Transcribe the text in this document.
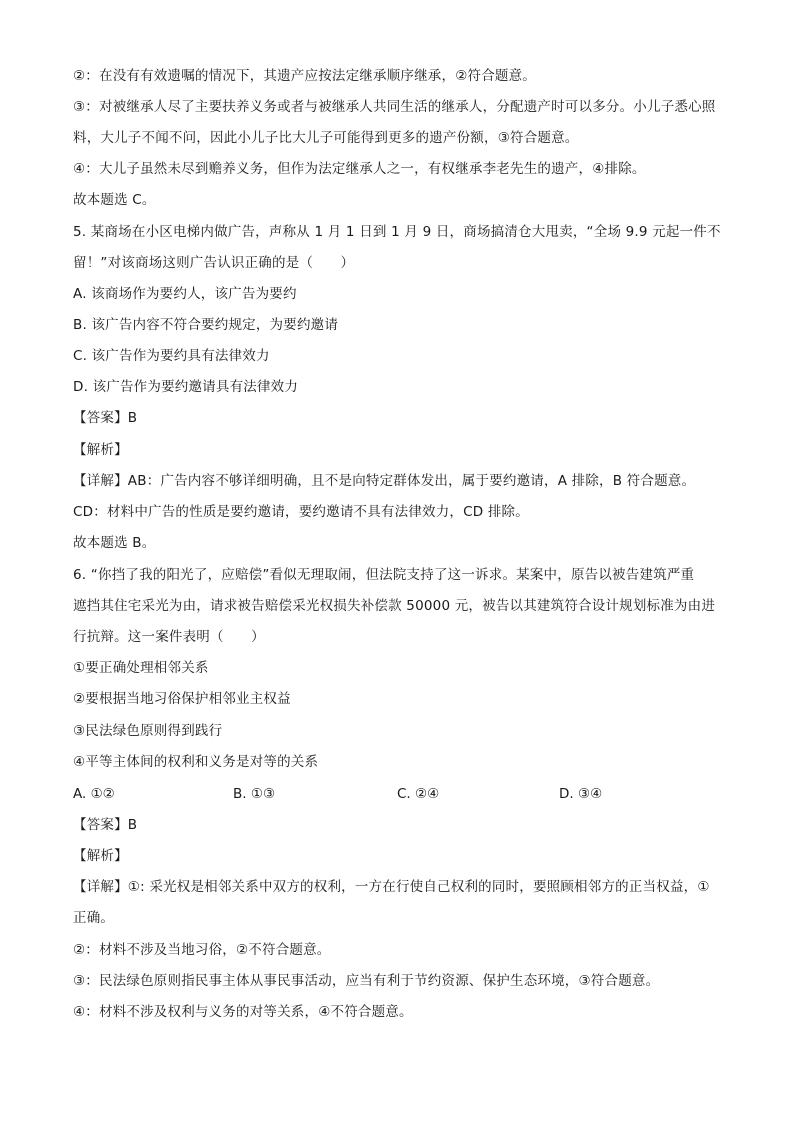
②：在没有有效遗嘱的情况下，其遗产应按法定继承顺序继承，②符合题意。
③：对被继承人尽了主要扶养义务或者与被继承人共同生活的继承人，分配遗产时可以多分。小儿子悉心照
料，大儿子不闻不问，因此小儿子比大儿子可能得到更多的遗产份额，③符合题意。
④：大儿子虽然未尽到赡养义务，但作为法定继承人之一，有权继承李老先生的遗产，④排除。
故本题选 C。
5. 某商场在小区电梯内做广告，声称从 1 月 1 日到 1 月 9 日，商场搞清仓大甩卖，“全场 9.9 元起一件不
留！”对该商场这则广告认识正确的是（　　）
A. 该商场作为要约人，该广告为要约
B. 该广告内容不符合要约规定，为要约邀请
C. 该广告作为要约具有法律效力
D. 该广告作为要约邀请具有法律效力
【答案】B
【解析】
【详解】AB：广告内容不够详细明确，且不是向特定群体发出，属于要约邀请，A 排除，B 符合题意。
CD：材料中广告的性质是要约邀请，要约邀请不具有法律效力，CD 排除。
故本题选 B。
6. “你挡了我的阳光了，应赔偿”看似无理取闹，但法院支持了这一诉求。某案中，原告以被告建筑严重
遮挡其住宅采光为由，请求被告赔偿采光权损失补偿款 50000 元，被告以其建筑符合设计规划标准为由进
行抗辩。这一案件表明（　　）
①要正确处理相邻关系
②要根据当地习俗保护相邻业主权益
③民法绿色原则得到践行
④平等主体间的权利和义务是对等的关系
A. ①②	B. ①③	C. ②④	D. ③④
【答案】B
【解析】
【详解】①: 采光权是相邻关系中双方的权利，一方在行使自己权利的同时，要照顾相邻方的正当权益，①
正确。
②：材料不涉及当地习俗，②不符合题意。
③：民法绿色原则指民事主体从事民事活动，应当有利于节约资源、保护生态环境，③符合题意。
④：材料不涉及权利与义务的对等关系，④不符合题意。
